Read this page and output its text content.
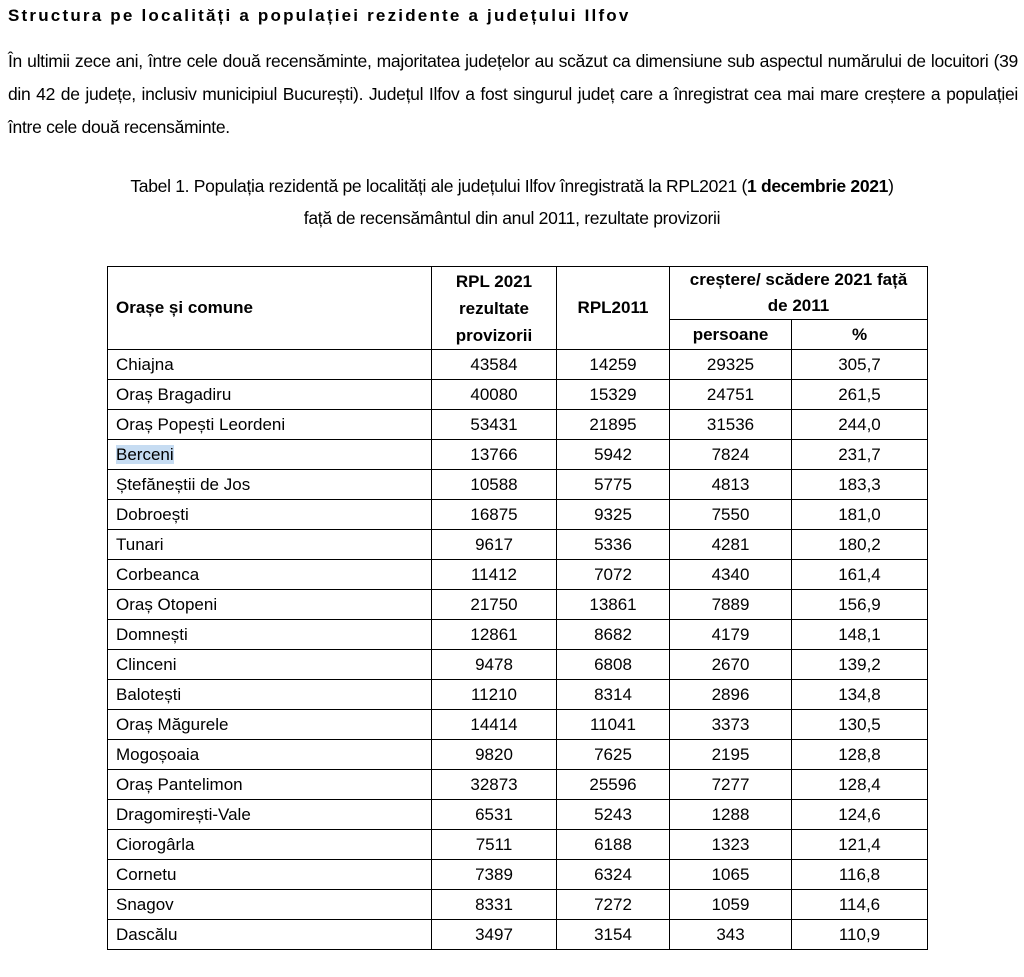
Structura pe localități a populației rezidente a județului Ilfov
În ultimii zece ani, între cele două recensăminte, majoritatea județelor au scăzut ca dimensiune sub aspectul numărului de locuitori (39 din 42 de județe, inclusiv municipiul București). Județul Ilfov a fost singurul județ care a înregistrat cea mai mare creștere a populației între cele două recensăminte.
Tabel 1. Populația rezidentă pe localități ale județului Ilfov înregistrată la RPL2021 (1 decembrie 2021)
față de recensământul din anul 2011, rezultate provizorii
Orașe și comune	RPL 2021 rezultate provizorii	RPL2011	creștere/ scădere 2021 față de 2011	
			persoane	%
Chiajna	43584	14259	29325	305,7
Oraș Bragadiru	40080	15329	24751	261,5
Oraș Popești Leordeni	53431	21895	31536	244,0
Berceni	13766	5942	7824	231,7
Ștefăneștii de Jos	10588	5775	4813	183,3
Dobroești	16875	9325	7550	181,0
Tunari	9617	5336	4281	180,2
Corbeanca	11412	7072	4340	161,4
Oraș Otopeni	21750	13861	7889	156,9
Domnești	12861	8682	4179	148,1
Clinceni	9478	6808	2670	139,2
Balotești	11210	8314	2896	134,8
Oraș Măgurele	14414	11041	3373	130,5
Mogoșoaia	9820	7625	2195	128,8
Oraș Pantelimon	32873	25596	7277	128,4
Dragomirești-Vale	6531	5243	1288	124,6
Ciorogârla	7511	6188	1323	121,4
Cornetu	7389	6324	1065	116,8
Snagov	8331	7272	1059	114,6
Dascălu	3497	3154	343	110,9
